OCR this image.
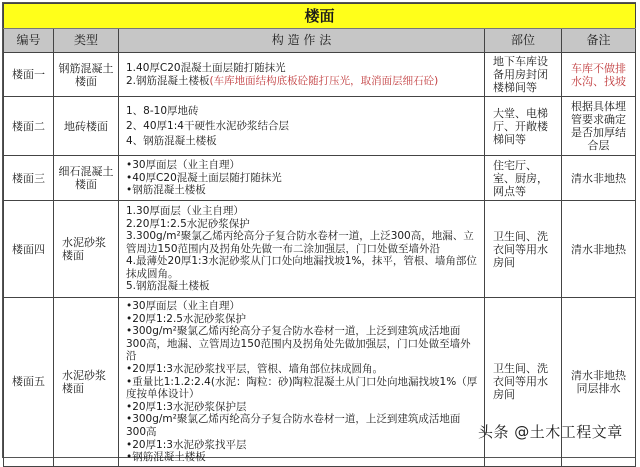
楼面				
编号	类型	构 造 作 法	部位	备注
楼面一	钢筋混凝土楼面	1.40厚C20混凝土面层随打随抹光
2.钢筋混凝土楼板(车库地面结构底板砼随打压光，取消面层细石砼)	地下车库设备用房封闭楼梯间等	车库不做排水沟、找坡
楼面二	地砖楼面	1、8-10厚地砖
2、40厚1:4干硬性水泥砂浆结合层
4、钢筋混凝土楼板	大堂、电梯厅、开敞楼梯间等	根据具体埋管要求确定是否加厚结合层
楼面三	细石混凝土楼面	•30厚面层（业主自理）
•40厚C20混凝土面层随打随抹光
•钢筋混凝土楼板	住宅厅、室、厨房，网点等	清水非地热
楼面四	水泥砂浆楼面	1.30厚面层（业主自理）
2.20厚1:2.5水泥砂浆保护
3.300g/m²聚氯乙烯丙纶高分子复合防水卷材一道，上泛300高，地漏、立管周边150范围内及拐角处先做一布二涂加强层，门口处做至墙外沿
4.最薄处20厚1:3水泥砂浆从门口处向地漏找坡1%，抹平，管根、墙角部位抹成圆角。
5.钢筋混凝土楼板	卫生间、洗衣间等用水房间	清水非地热
楼面五	水泥砂浆楼面	
•30厚面层（业主自理）
•20厚1:2.5水泥砂浆保护
•300g/m²聚氯乙烯丙纶高分子复合防水卷材一道，上泛到建筑成活地面300高，地漏、立管周边150范围内及拐角处先做加强层，门口处做至墙外沿
•20厚1:3水泥砂浆找平层，管根、墙角部位抹成圆角。
•重量比1:1.2:2.4(水泥：陶粒：砂)陶粒混凝土从门口处向地漏找坡1%（厚度按单体设计）
•20厚1:3水泥砂浆保护层
•300g/m²聚氯乙烯丙纶高分子复合防水卷材一道，上泛到建筑成活地面300高
•20厚1:3水泥砂浆找平层
•钢筋混凝土楼板
	卫生间、洗衣间等用水房间	清水非地热同层排水
头条 @土木工程文章
